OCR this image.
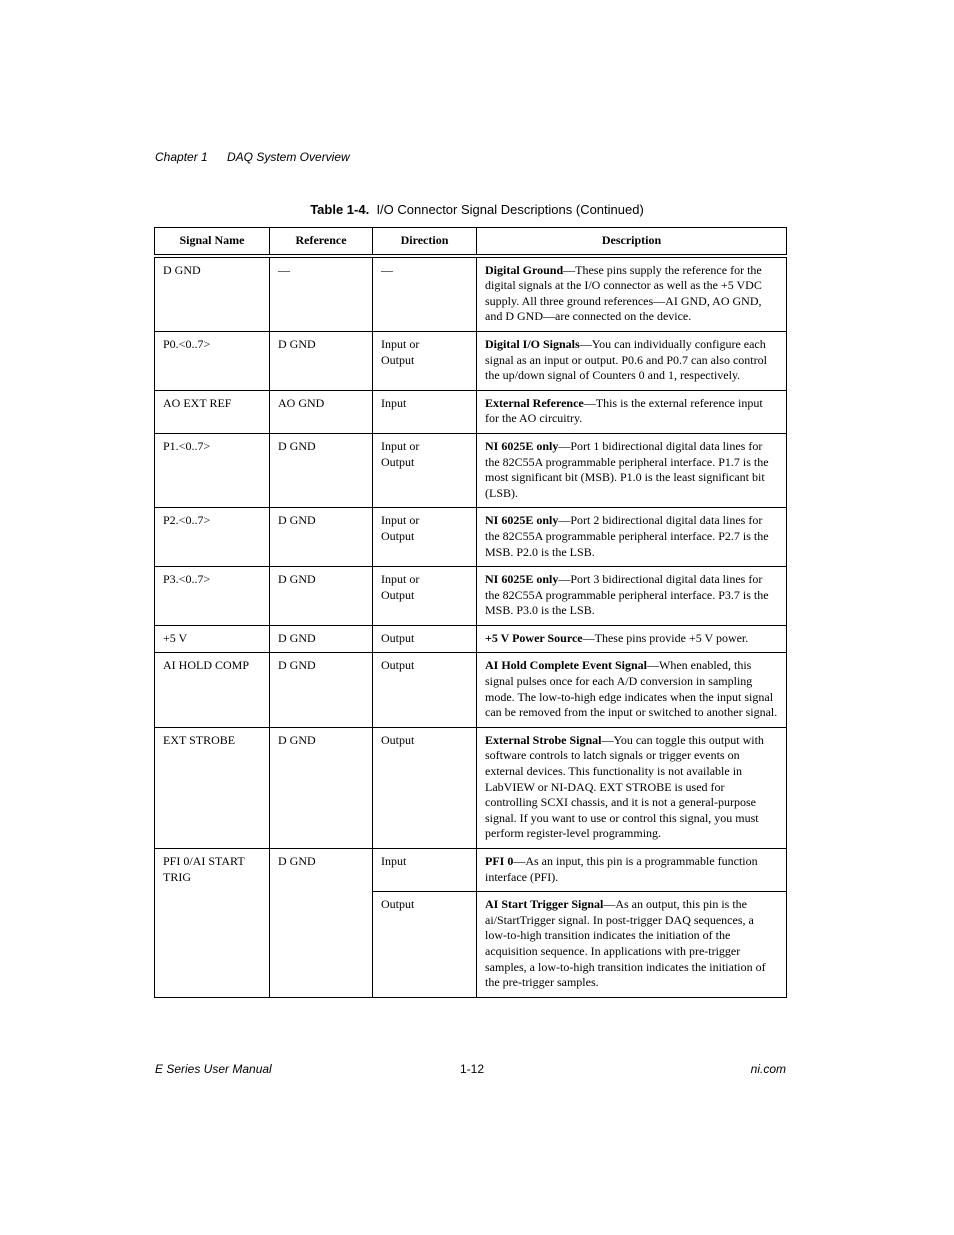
Chapter 1 DAQ System Overview
Table 1-4. I/O Connector Signal Descriptions (Continued)
Signal Name	Reference	Direction	Description
D GND	—	—	Digital Ground—These pins supply the reference for the digital signals at the I/O connector as well as the +5 VDC supply. All three ground references—AI GND, AO GND, and D GND—are connected on the device.
P0.<0..7>	D GND	Input or Output	Digital I/O Signals—You can individually configure each signal as an input or output. P0.6 and P0.7 can also control the up/down signal of Counters 0 and 1, respectively.
AO EXT REF	AO GND	Input	External Reference—This is the external reference input for the AO circuitry.
P1.<0..7>	D GND	Input or Output	NI 6025E only—Port 1 bidirectional digital data lines for the 82C55A programmable peripheral interface. P1.7 is the most significant bit (MSB). P1.0 is the least significant bit (LSB).
P2.<0..7>	D GND	Input or Output	NI 6025E only—Port 2 bidirectional digital data lines for the 82C55A programmable peripheral interface. P2.7 is the MSB. P2.0 is the LSB.
P3.<0..7>	D GND	Input or Output	NI 6025E only—Port 3 bidirectional digital data lines for the 82C55A programmable peripheral interface. P3.7 is the MSB. P3.0 is the LSB.
+5 V	D GND	Output	+5 V Power Source—These pins provide +5 V power.
AI HOLD COMP	D GND	Output	AI Hold Complete Event Signal—When enabled, this signal pulses once for each A/D conversion in sampling mode. The low-to-high edge indicates when the input signal can be removed from the input or switched to another signal.
EXT STROBE	D GND	Output	External Strobe Signal—You can toggle this output with software controls to latch signals or trigger events on external devices. This functionality is not available in LabVIEW or NI-DAQ. EXT STROBE is used for controlling SCXI chassis, and it is not a general-purpose signal. If you want to use or control this signal, you must perform register-level programming.
PFI 0/AI START TRIG	D GND	Input	PFI 0—As an input, this pin is a programmable function interface (PFI).
		Output	AI Start Trigger Signal—As an output, this pin is the ai/StartTrigger signal. In post-trigger DAQ sequences, a low-to-high transition indicates the initiation of the acquisition sequence. In applications with pre-trigger samples, a low-to-high transition indicates the initiation of the pre-trigger samples.
E Series User Manual	1-12	ni.com
